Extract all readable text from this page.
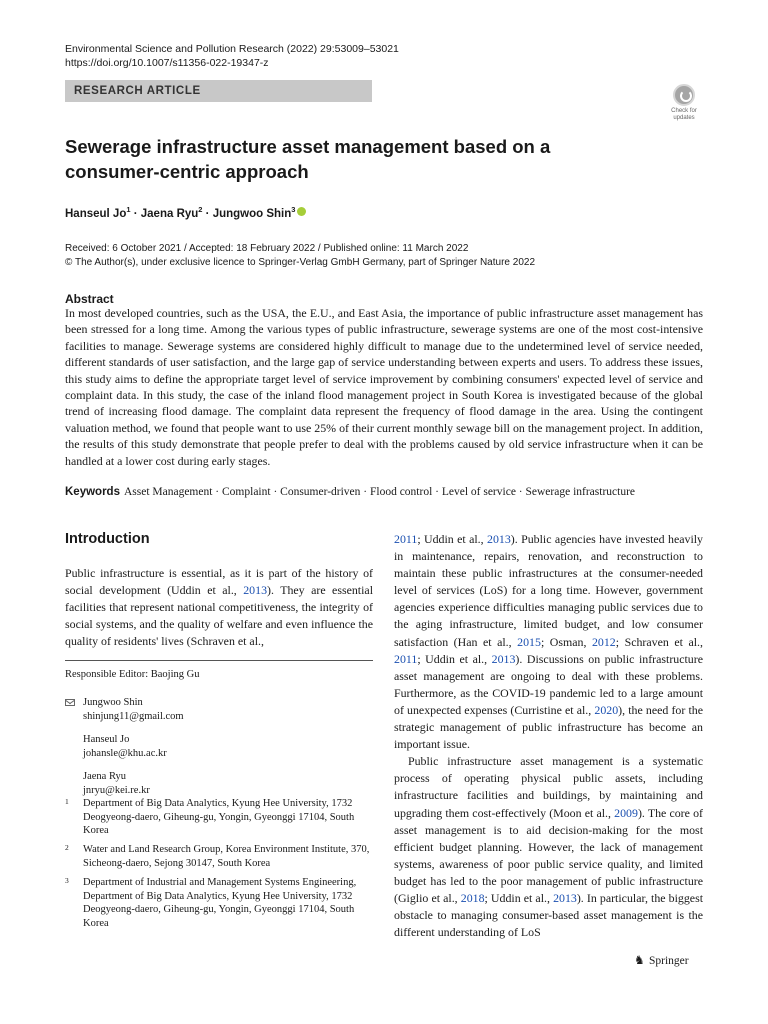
Environmental Science and Pollution Research (2022) 29:53009–53021
https://doi.org/10.1007/s11356-022-19347-z
RESEARCH ARTICLE
Check for updates
Sewerage infrastructure asset management based on a consumer-centric approach
Hanseul $Jo^1$ · Jaena Ryu$^2$ · Jungwoo Shin$^3$
Received: 6 October 2021 / Accepted: 18 February 2022 / Published online: 11 March 2022
© The Author(s), under exclusive licence to Springer-Verlag GmbH Germany, part of Springer Nature 2022
Abstract
In most developed countries, such as the USA, the E.U., and East Asia, the importance of public infrastructure asset management has been stressed for a long time. Among the various types of public infrastructure, sewerage systems are one of the most cost-intensive facilities to manage. Sewerage systems are considered highly difficult to manage due to the undetermined level of service needed, different standards of user satisfaction, and the large gap of service understanding between experts and users. To address these issues, this study aims to define the appropriate target level of service improvement by combining consumers' expected level of service and complaint data. In this study, the case of the inland flood management project in South Korea is investigated because of the global trend of increasing flood damage. The complaint data represent the frequency of flood damage in the area. Using the contingent valuation method, we found that people want to use 25% of their current monthly sewage bill on the management project. In addition, the results of this study demonstrate that people prefer to deal with the problems caused by old service infrastructure when it can be handled at a lower cost during early stages.
Keywords Asset Management · Complaint · Consumer-driven · Flood control · Level of service · Sewerage infrastructure
Introduction

Public infrastructure is essential, as it is part of the history of social development (Uddin et al., 2013). They are essential facilities that represent national competitiveness, the integrity of social systems, and the quality of welfare and even influence the quality of residents' lives (Schraven et al.,

2011; Uddin et al., 2013). Public agencies have invested heavily in maintenance, repairs, renovation, and reconstruction to maintain these public infrastructures at the consumer-needed level of services (LoS) for a long time. However, government agencies experience difficulties managing public services due to the aging infrastructure, limited budget, and low consumer satisfaction (Han et al., 2015; Osman, 2012; Schraven et al., 2011; Uddin et al., 2013). Discussions on public infrastructure asset management are ongoing to deal with these problems. Furthermore, as the COVID-19 pandemic led to a large amount of unexpected expenses (Curristine et al., 2020), the need for the strategic management of public infrastructure has become an important issue.

Public infrastructure asset management is a systematic process of operating physical public assets, including infrastructure facilities and buildings, by maintaining and upgrading them cost-effectively (Moon et al., 2009). The core of asset management is to aid decision-making for the most efficient budget planning. However, the lack of management systems, awareness of poor public service quality, and limited budget has led to the poor management of public infrastructure (Giglio et al., 2018; Uddin et al., 2013). In particular, the biggest obstacle to managing consumer-based asset management is the different understanding of LoS

Responsible Editor: Baojing Gu
Jungwoo Shin
shinjung11@gmail.com
Hanseul Jo
johansle@khu.ac.kr
Jaena Ryu
jnryu@kei.re.kr
1 Department of Big Data Analytics, Kyung Hee University, 1732 Deogyeong-daero, Giheung-gu, Yongin, Gyeonggi 17104, South Korea
2 Water and Land Research Group, Korea Environment Institute, 370, Sicheong-daero, Sejong 30147, South Korea
3 Department of Industrial and Management Systems Engineering, Department of Big Data Analytics, Kyung Hee University, 1732 Deogyeong-daero, Giheung-gu, Yongin, Gyeonggi 17104, South Korea
♞ Springer
